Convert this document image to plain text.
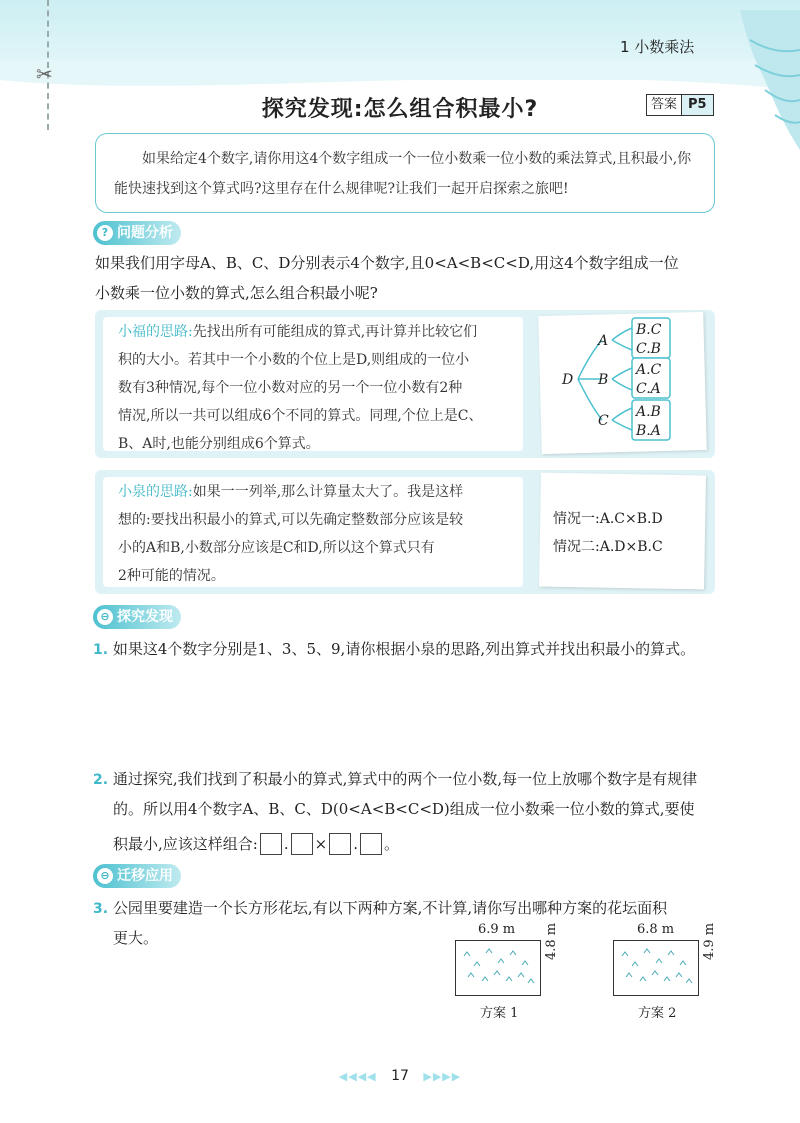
✂
1 小数乘法
探究发现:怎么组合积最小?	答案 P5
如果给定4个数字,请你用这4个数字组成一个一位小数乘一位小数的乘法算式,且积最小,你能快速找到这个算式吗?这里存在什么规律呢?让我们一起开启探索之旅吧!
? 问题分析
如果我们用字母A、B、C、D分别表示4个数字,且0<A<B<C<D,用这4个数字组成一位
小数乘一位小数的算式,怎么组合积最小呢?
小福的思路:先找出所有可能组成的算式,再计算并比较它们
积的大小。若其中一个小数的个位上是D,则组成的一位小
数有3种情况,每个一位小数对应的另一个一位小数有2种
情况,所以一共可以组成6个不同的算式。同理,个位上是C、
B、A时,也能分别组成6个算式。
D
A
B
C
B.C
C.B
A.C
C.A
A.B
B.A
小泉的思路:如果一一列举,那么计算量太大了。我是这样
想的:要找出积最小的算式,可以先确定整数部分应该是较
小的A和B,小数部分应该是C和D,所以这个算式只有
2种可能的情况。
情况一:A.C×B.D
情况二:A.D×B.C
⊖ 探究发现
1. 如果这4个数字分别是1、3、5、9,请你根据小泉的思路,列出算式并找出积最小的算式。
2. 通过探究,我们找到了积最小的算式,算式中的两个一位小数,每一位上放哪个数字是有规律
的。所以用4个数字A、B、C、D(0<A<B<C<D)组成一位小数乘一位小数的算式,要使
积最小,应该这样组合: . × . 。
⊖ 迁移应用
3. 公园里要建造一个长方形花坛,有以下两种方案,不计算,请你写出哪种方案的花坛面积
更大。	6.9 m 4.8 m
方案 1
6.8 m 4.9 m
方案 2
◀◀◀◀ 17 ▶▶▶▶
